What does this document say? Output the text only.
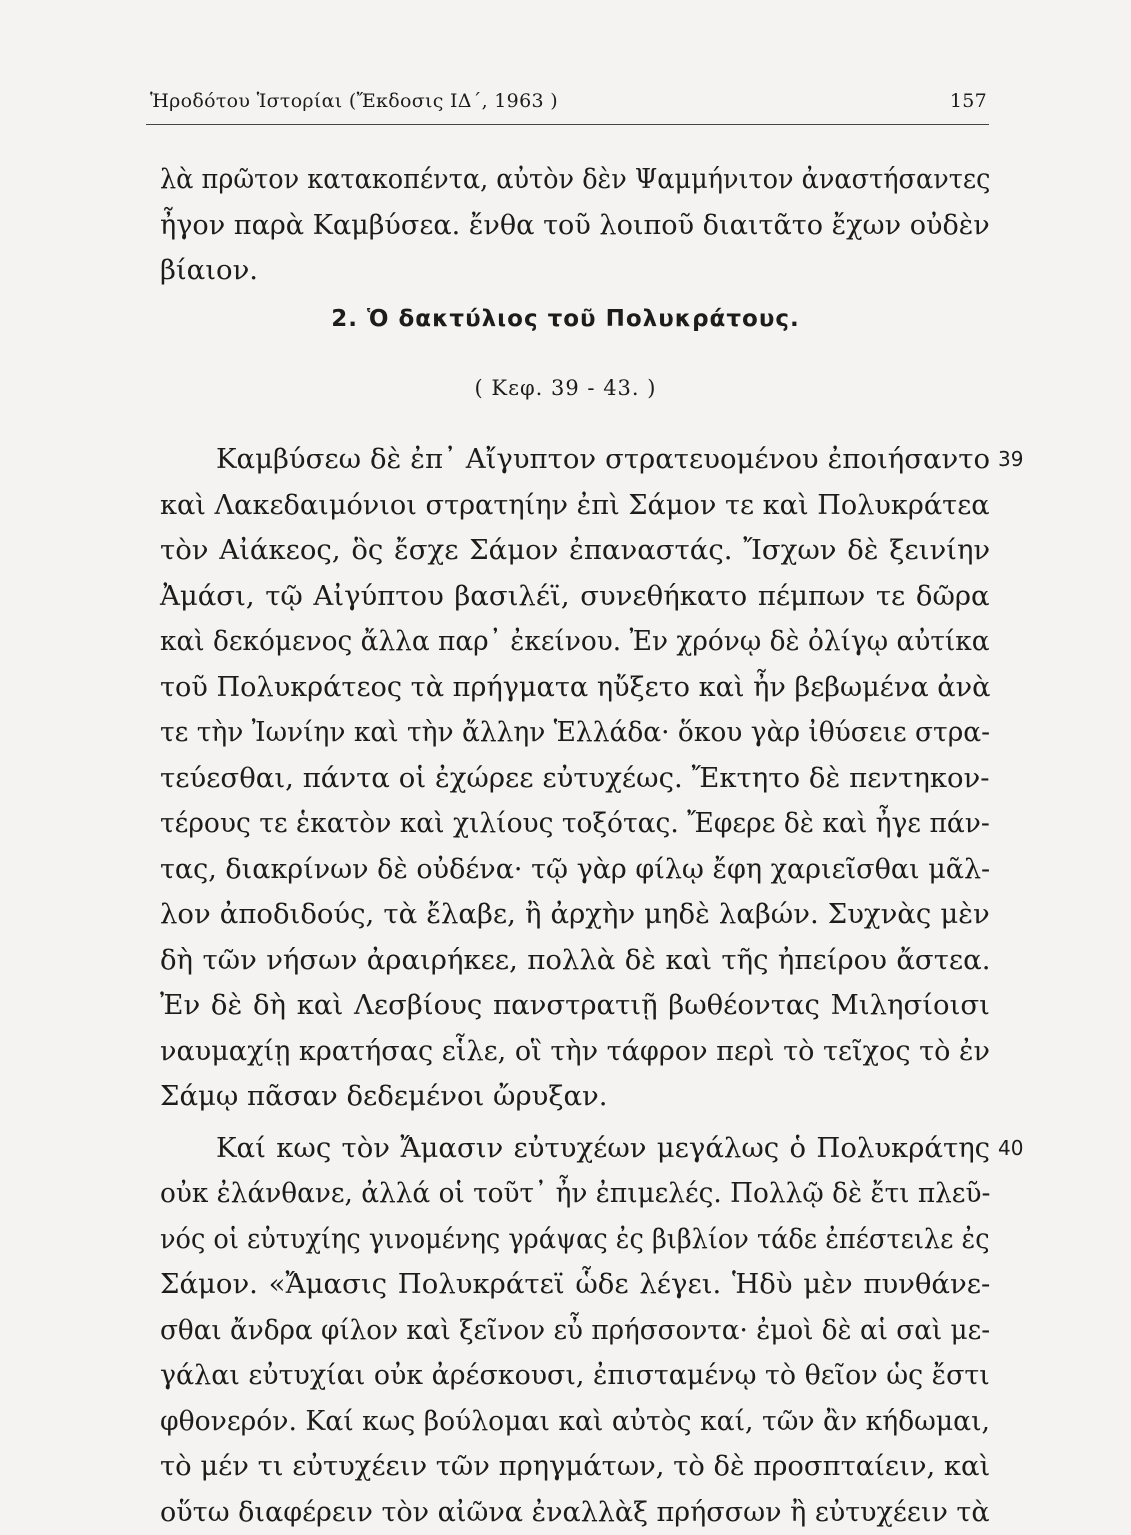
Ἡροδότου Ἱστορίαι (Ἔκδοσις ΙΔ΄, 1963 )	157
λὰ πρῶτον κατακοπέντα, αὐτὸν δὲν Ψαμμήνιτον ἀναστήσαντες
ἦγον παρὰ Καμβύσεα. ἔνθα τοῦ λοιποῦ διαιτᾶτο ἔχων οὐδὲν
βίαιον.
2. Ὁ δακτύλιος τοῦ Πολυκράτους.
( Κεφ. 39 - 43. )
39
Καμβύσεω δὲ ἐπ᾽ Αἴγυπτον στρατευομένου ἐποιήσαντο
καὶ Λακεδαιμόνιοι στρατηίην ἐπὶ Σάμον τε καὶ Πολυκράτεα
τὸν Αἰάκεος, ὃς ἔσχε Σάμον ἐπαναστάς. Ἴσχων δὲ ξεινίην
Ἀμάσι, τῷ Αἰγύπτου βασιλέϊ, συνεθήκατο πέμπων τε δῶρα
καὶ δεκόμενος ἄλλα παρ᾽ ἐκείνου. Ἐν χρόνῳ δὲ ὀλίγῳ αὐτίκα
τοῦ Πολυκράτεος τὰ πρήγματα ηὔξετο καὶ ἦν βεβωμένα ἀνὰ
τε τὴν Ἰωνίην καὶ τὴν ἄλλην Ἑλλάδα· ὅκου γὰρ ἰθύσειε στρα-
τεύεσθαι, πάντα οἱ ἐχώρεε εὐτυχέως. Ἔκτητο δὲ πεντηκον-
τέρους τε ἑκατὸν καὶ χιλίους τοξότας. Ἔφερε δὲ καὶ ἦγε πάν-
τας, διακρίνων δὲ οὐδένα· τῷ γὰρ φίλῳ ἔφη χαριεῖσθαι μᾶλ-
λον ἀποδιδούς, τὰ ἔλαβε, ἢ ἀρχὴν μηδὲ λαβών. Συχνὰς μὲν
δὴ τῶν νήσων ἀραιρήκεε, πολλὰ δὲ καὶ τῆς ἠπείρου ἄστεα.
Ἐν δὲ δὴ καὶ Λεσβίους πανστρατιῇ βωθέοντας Μιλησίοισι
ναυμαχίῃ κρατήσας εἷλε, οἳ τὴν τάφρον περὶ τὸ τεῖχος τὸ ἐν
Σάμῳ πᾶσαν δεδεμένοι ὤρυξαν.
40
Καί κως τὸν Ἄμασιν εὐτυχέων μεγάλως ὁ Πολυκράτης
οὐκ ἐλάνθανε, ἀλλά οἱ τοῦτ᾽ ἦν ἐπιμελές. Πολλῷ δὲ ἔτι πλεῦ-
νός οἱ εὐτυχίης γινομένης γράψας ἐς βιβλίον τάδε ἐπέστειλε ἐς
Σάμον. «Ἄμασις Πολυκράτεϊ ὧδε λέγει. Ἡδὺ μὲν πυνθάνε-
σθαι ἄνδρα φίλον καὶ ξεῖνον εὖ πρήσσοντα· ἐμοὶ δὲ αἱ σαὶ με-
γάλαι εὐτυχίαι οὐκ ἀρέσκουσι, ἐπισταμένῳ τὸ θεῖον ὡς ἔστι
φθονερόν. Καί κως βούλομαι καὶ αὐτὸς καί, τῶν ἂν κήδωμαι,
τὸ μέν τι εὐτυχέειν τῶν πρηγμάτων, τὸ δὲ προσπταίειν, καὶ
οὕτω διαφέρειν τὸν αἰῶνα ἐναλλὰξ πρήσσων ἢ εὐτυχέειν τὰ
